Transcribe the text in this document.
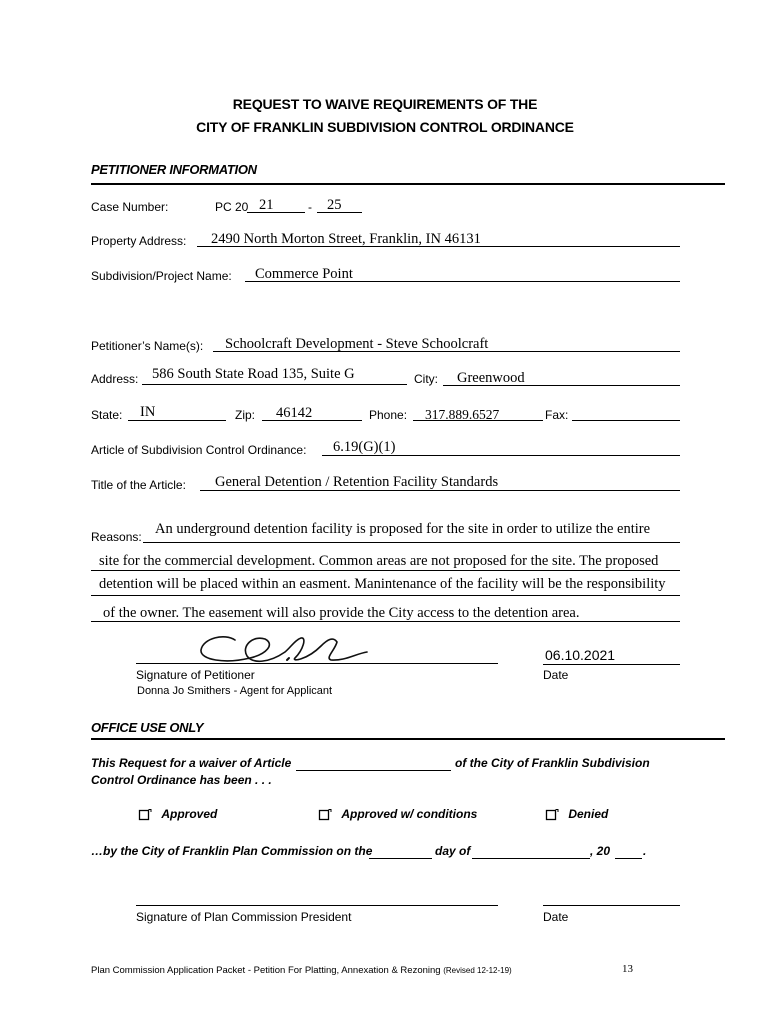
REQUEST TO WAIVE REQUIREMENTS OF THE
CITY OF FRANKLIN SUBDIVISION CONTROL ORDINANCE
PETITIONER INFORMATION
Case Number:	PC 20 21	- 25
Property Address: 2490 North Morton Street, Franklin, IN 46131
Subdivision/Project Name: Commerce Point
Petitioner’s Name(s): Schoolcraft Development - Steve Schoolcraft
Address: 586 South State Road 135, Suite G	City: Greenwood
State: IN	Zip: 46142	Phone: 317.889.6527	Fax:
Article of Subdivision Control Ordinance: 6.19(G)(1)
Title of the Article: General Detention / Retention Facility Standards
Reasons: An underground detention facility is proposed for the site in order to utilize the entire
site for the commercial development. Common areas are not proposed for the site. The proposed
detention will be placed within an easment. Manintenance of the facility will be the responsibility
of the owner. The easement will also provide the City access to the detention area.
Signature of Petitioner
Donna Jo Smithers - Agent for Applicant
06.10.2021
Date
OFFICE USE ONLY
This Request for a waiver of Article	of the City of Franklin Subdivision
Control Ordinance has been . . .
Approved	Approved w/ conditions	Denied
…by the City of Franklin Plan Commission on the	day of	, 20	.
Signature of Plan Commission President	Date
Plan Commission Application Packet - Petition For Platting, Annexation & Rezoning (Revised 12-12-19)	13
